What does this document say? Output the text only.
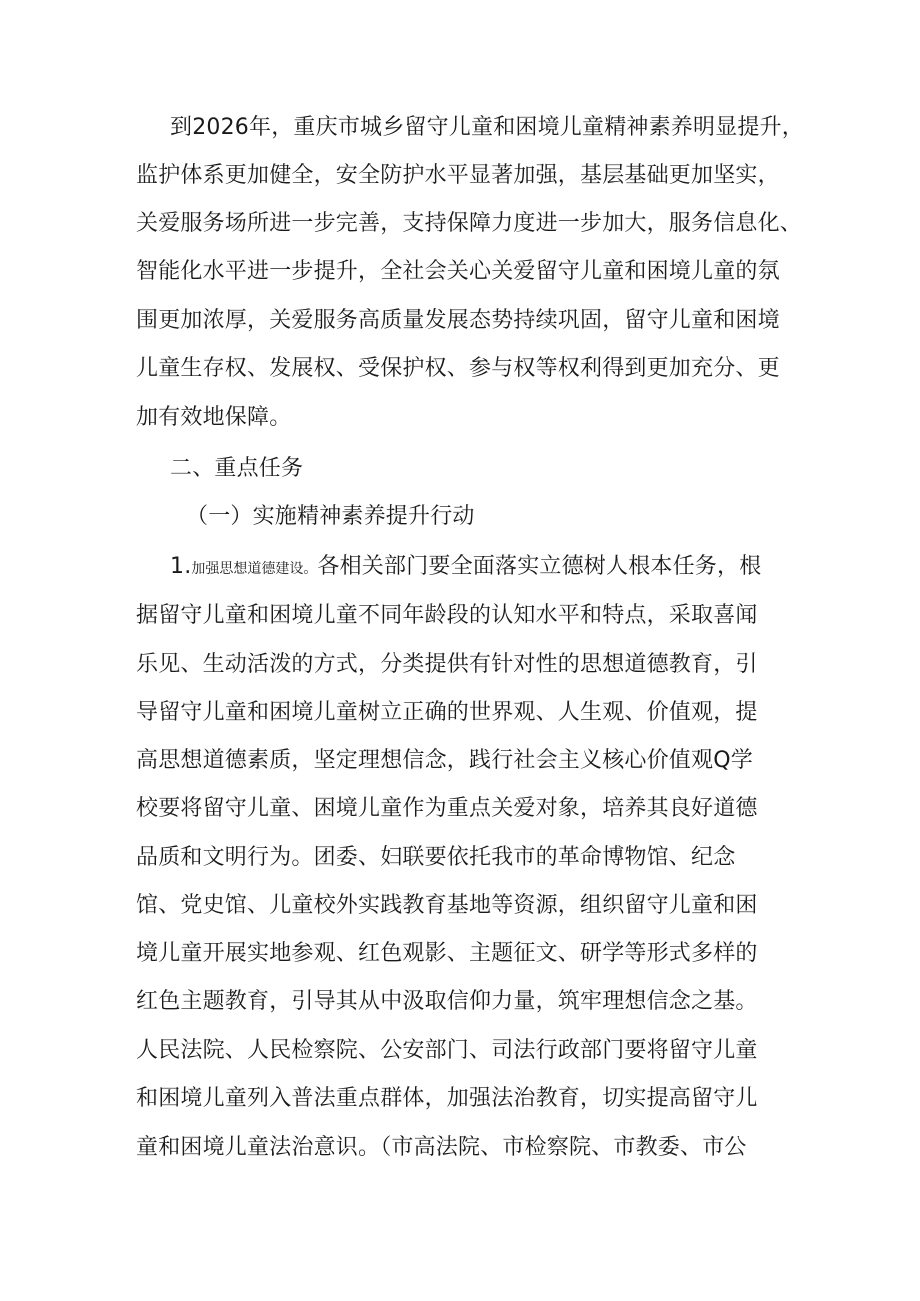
到2026年，重庆市城乡留守儿童和困境儿童精神素养明显提升，
监护体系更加健全，安全防护水平显著加强，基层基础更加坚实，
关爱服务场所进一步完善，支持保障力度进一步加大，服务信息化、
智能化水平进一步提升，全社会关心关爱留守儿童和困境儿童的氛
围更加浓厚，关爱服务高质量发展态势持续巩固，留守儿童和困境
儿童生存权、发展权、受保护权、参与权等权利得到更加充分、更
加有效地保障。
二、重点任务
（一）实施精神素养提升行动
1.加强思想道德建设。各相关部门要全面落实立德树人根本任务，根
据留守儿童和困境儿童不同年龄段的认知水平和特点，采取喜闻
乐见、生动活泼的方式，分类提供有针对性的思想道德教育，引
导留守儿童和困境儿童树立正确的世界观、人生观、价值观，提
高思想道德素质，坚定理想信念，践行社会主义核心价值观Q学
校要将留守儿童、困境儿童作为重点关爱对象，培养其良好道德
品质和文明行为。团委、妇联要依托我市的革命博物馆、纪念
馆、党史馆、儿童校外实践教育基地等资源，组织留守儿童和困
境儿童开展实地参观、红色观影、主题征文、研学等形式多样的
红色主题教育，引导其从中汲取信仰力量，筑牢理想信念之基。
人民法院、人民检察院、公安部门、司法行政部门要将留守儿童
和困境儿童列入普法重点群体，加强法治教育，切实提高留守儿
童和困境儿童法治意识。（市高法院、市检察院、市教委、市公
